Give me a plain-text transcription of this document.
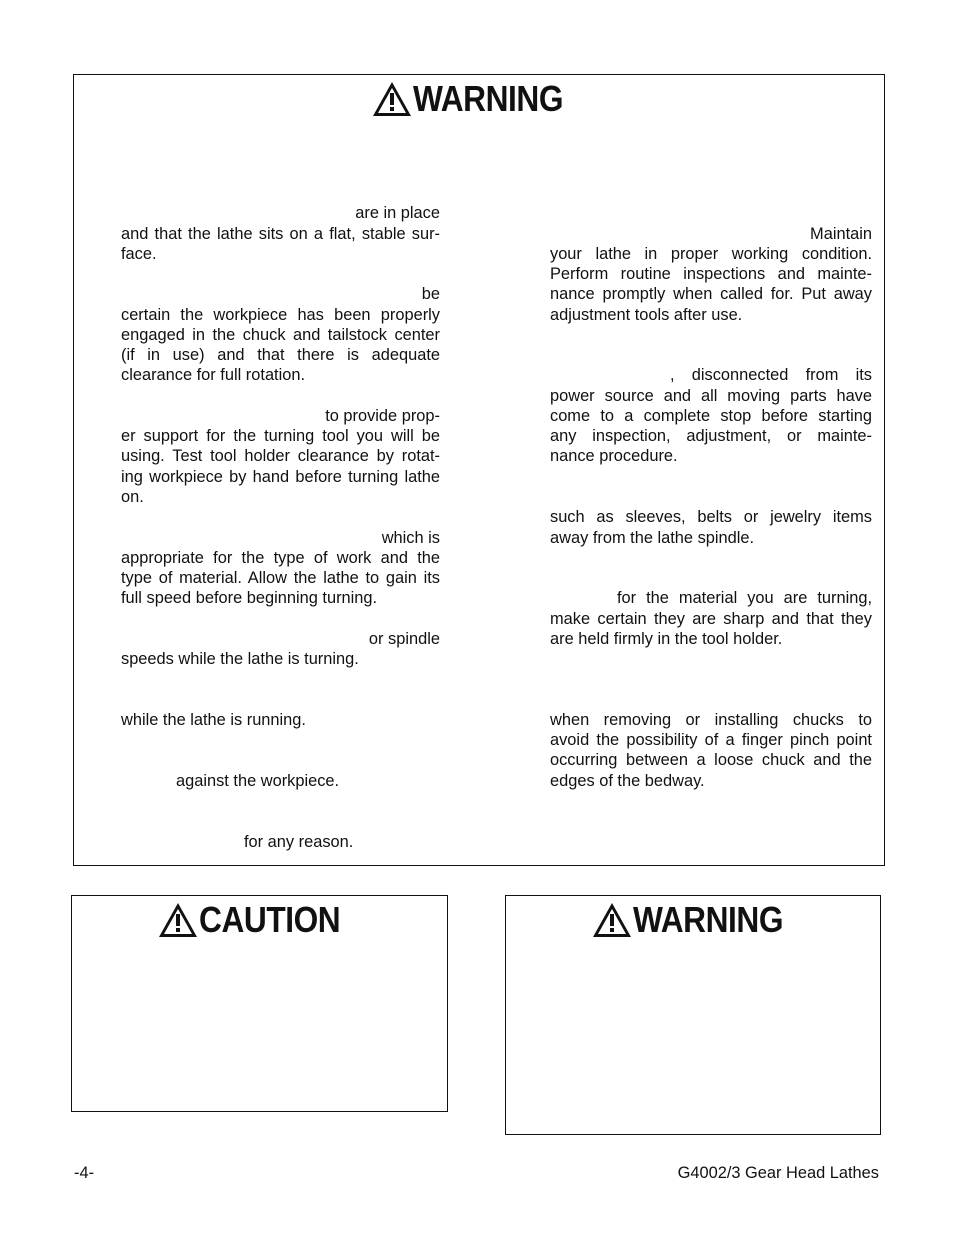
WARNING
are in place
and that the lathe sits on a flat, stable sur-
face.
be
certain the workpiece has been properly
engaged in the chuck and tailstock center
(if in use) and that there is adequate
clearance for full rotation.
to provide prop-
er support for the turning tool you will be
using. Test tool holder clearance by rotat-
ing workpiece by hand before turning lathe
on.
which is
appropriate for the type of work and the
type of material. Allow the lathe to gain its
full speed before beginning turning.
or spindle
speeds while the lathe is turning.
while the lathe is running.
against the workpiece.
for any reason.
Maintain
your lathe in proper working condition.
Perform routine inspections and mainte-
nance promptly when called for. Put away
adjustment tools after use.
, disconnected from its
power source and all moving parts have
come to a complete stop before starting
any inspection, adjustment, or mainte-
nance procedure.
such as sleeves, belts or jewelry items
away from the lathe spindle.
for the material you are turning,
make certain they are sharp and that they
are held firmly in the tool holder.
when removing or installing chucks to
avoid the possibility of a finger pinch point
occurring between a loose chuck and the
edges of the bedway.
CAUTION	WARNING
-4-	G4002/3 Gear Head Lathes
